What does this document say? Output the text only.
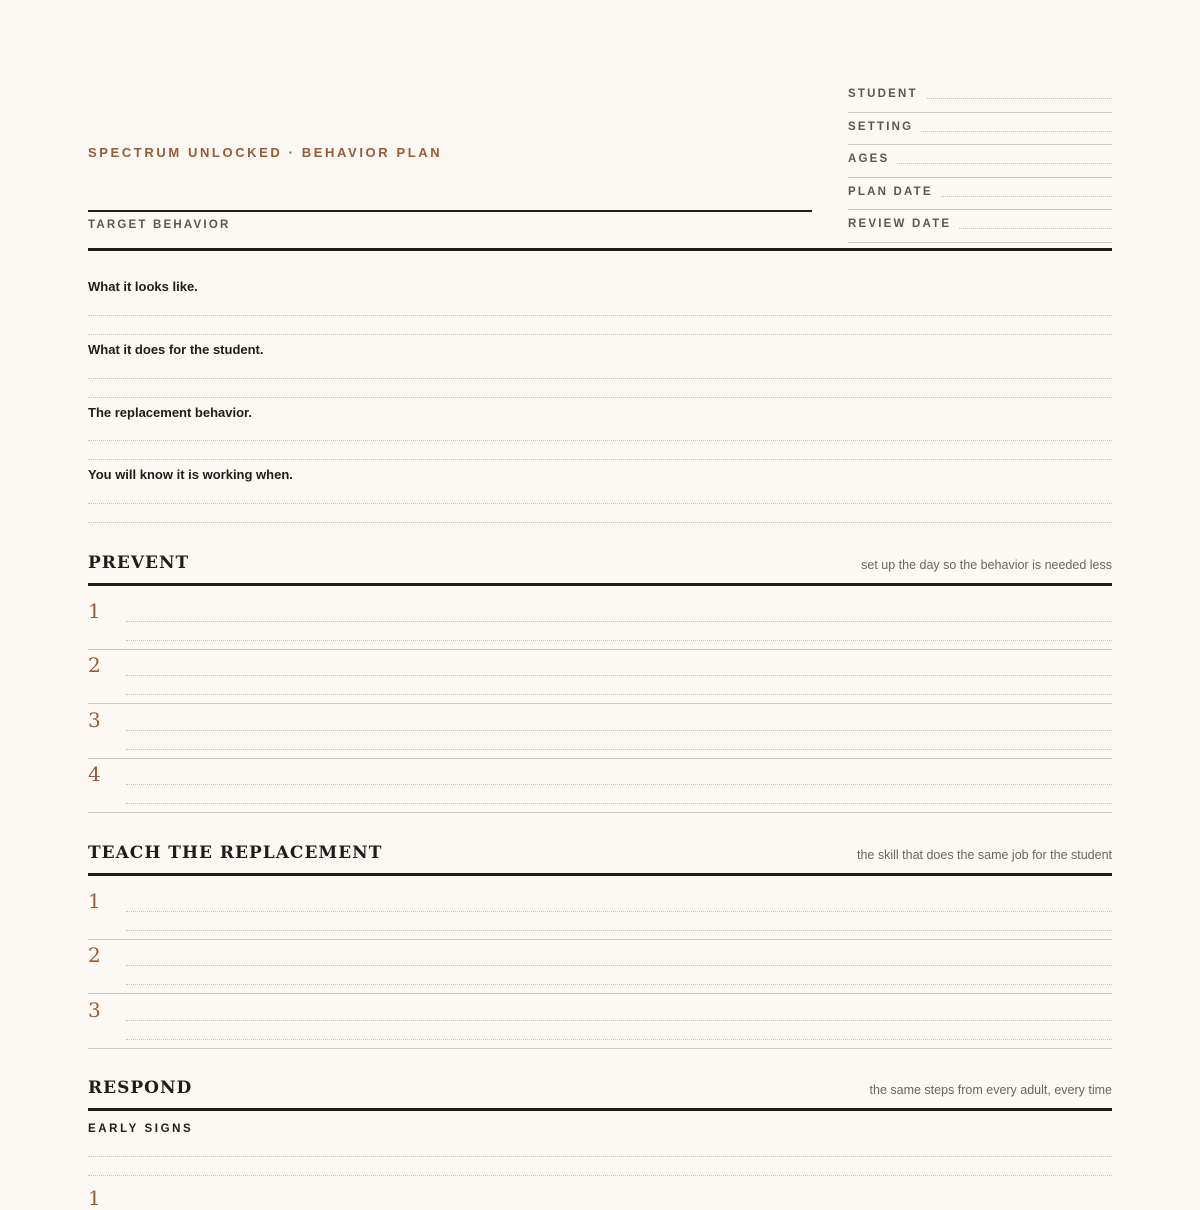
SPECTRUM UNLOCKED · BEHAVIOR PLAN
TARGET BEHAVIOR
STUDENT
SETTING
AGES
PLAN DATE
REVIEW DATE
What it looks like.
What it does for the student.
The replacement behavior.
You will know it is working when.
PREVENT	set up the day so the behavior is needed less
1
2
3
4
TEACH THE REPLACEMENT	the skill that does the same job for the student
1
2
3
RESPOND	the same steps from every adult, every time
EARLY SIGNS
1
